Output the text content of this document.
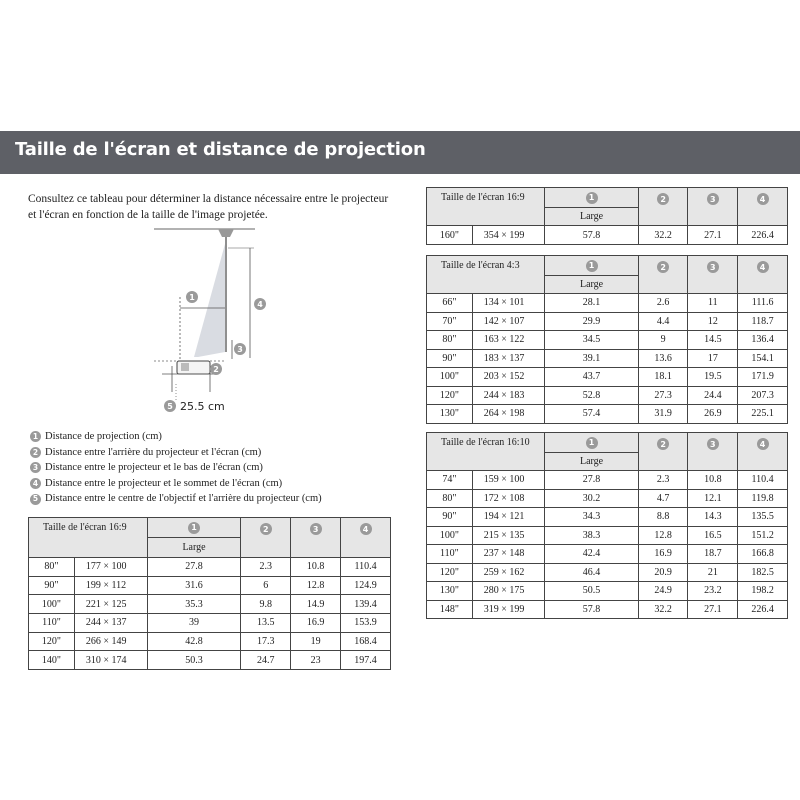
Taille de l'écran et distance de projection

Consultez ce tableau pour déterminer la distance nécessaire entre le projecteur et l'écran en fonction de la taille de l'image projetée.

1
4
3
2
5 25.5 cm
1 Distance de projection (cm)
2 Distance entre l'arrière du projecteur et l'écran (cm)
3 Distance entre le projecteur et le bas de l'écran (cm)
4 Distance entre le projecteur et le sommet de l'écran (cm)
5 Distance entre le centre de l'objectif et l'arrière du projecteur (cm)
Taille de l'écran 16:9		1	2	3	4
		Large			
80"	177 × 100	27.8	2.3	10.8	110.4
90"	199 × 112	31.6	6	12.8	124.9
100"	221 × 125	35.3	9.8	14.9	139.4
110"	244 × 137	39	13.5	16.9	153.9
120"	266 × 149	42.8	17.3	19	168.4
140"	310 × 174	50.3	24.7	23	197.4
Taille de l'écran 16:9		1	2	3	4
		Large			
160"	354 × 199	57.8	32.2	27.1	226.4
Taille de l'écran 4:3		1	2	3	4
		Large			
66"	134 × 101	28.1	2.6	11	111.6
70"	142 × 107	29.9	4.4	12	118.7
80"	163 × 122	34.5	9	14.5	136.4
90"	183 × 137	39.1	13.6	17	154.1
100"	203 × 152	43.7	18.1	19.5	171.9
120"	244 × 183	52.8	27.3	24.4	207.3
130"	264 × 198	57.4	31.9	26.9	225.1
Taille de l'écran 16:10		1	2	3	4
		Large			
74"	159 × 100	27.8	2.3	10.8	110.4
80"	172 × 108	30.2	4.7	12.1	119.8
90"	194 × 121	34.3	8.8	14.3	135.5
100"	215 × 135	38.3	12.8	16.5	151.2
110"	237 × 148	42.4	16.9	18.7	166.8
120"	259 × 162	46.4	20.9	21	182.5
130"	280 × 175	50.5	24.9	23.2	198.2
148"	319 × 199	57.8	32.2	27.1	226.4
